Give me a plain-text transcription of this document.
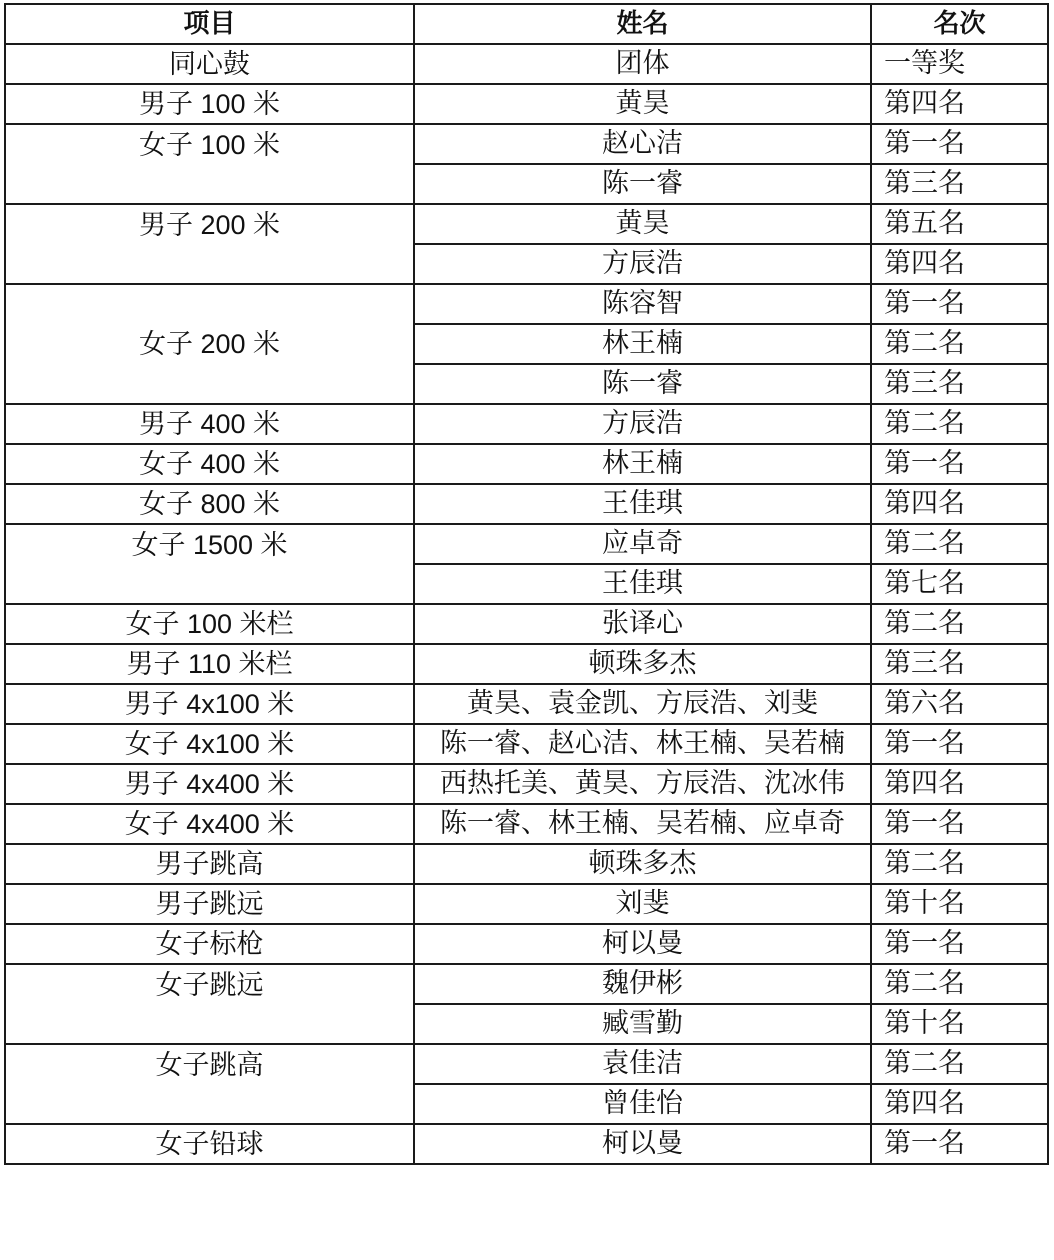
项目	姓名	名次
同心鼓	团体	一等奖
男子 100 米	黄昊	第四名
女子 100 米	赵心洁	第一名
	陈一睿	第三名
男子 200 米	黄昊	第五名
	方辰浩	第四名
女子 200 米	陈容智	第一名
	林王楠	第二名
	陈一睿	第三名
男子 400 米	方辰浩	第二名
女子 400 米	林王楠	第一名
女子 800 米	王佳琪	第四名
女子 1500 米	应卓奇	第二名
	王佳琪	第七名
女子 100 米栏	张译心	第二名
男子 110 米栏	顿珠多杰	第三名
男子 4x100 米	黄昊、袁金凯、方辰浩、刘斐	第六名
女子 4x100 米	陈一睿、赵心洁、林王楠、吴若楠	第一名
男子 4x400 米	西热托美、黄昊、方辰浩、沈冰伟	第四名
女子 4x400 米	陈一睿、林王楠、吴若楠、应卓奇	第一名
男子跳高	顿珠多杰	第二名
男子跳远	刘斐	第十名
女子标枪	柯以曼	第一名
女子跳远	魏伊彬	第二名
	臧雪勤	第十名
女子跳高	袁佳洁	第二名
	曾佳怡	第四名
女子铅球	柯以曼	第一名
